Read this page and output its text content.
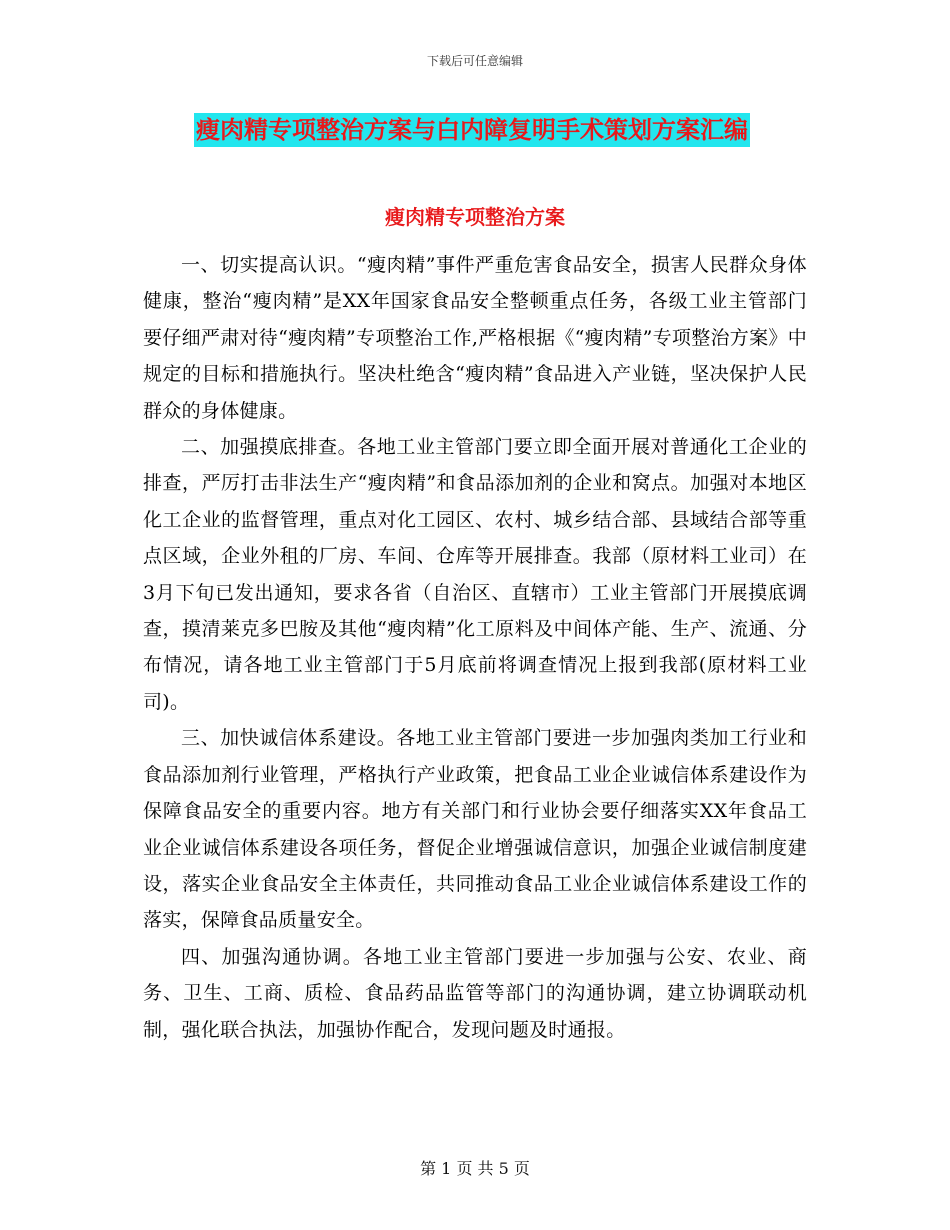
下载后可任意编辑
瘦肉精专项整治方案与白内障复明手术策划方案汇编
瘦肉精专项整治方案

一、切实提高认识。“瘦肉精”事件严重危害食品安全，损害人民群众身体健康，整治“瘦肉精”是XX年国家食品安全整顿重点任务，各级工业主管部门要仔细严肃对待“瘦肉精”专项整治工作,严格根据《“瘦肉精”专项整治方案》中规定的目标和措施执行。坚决杜绝含“瘦肉精”食品进入产业链，坚决保护人民群众的身体健康。

二、加强摸底排查。各地工业主管部门要立即全面开展对普通化工企业的排查，严厉打击非法生产“瘦肉精”和食品添加剂的企业和窝点。加强对本地区化工企业的监督管理，重点对化工园区、农村、城乡结合部、县域结合部等重点区域，企业外租的厂房、车间、仓库等开展排查。我部（原材料工业司）在3月下旬已发出通知，要求各省（自治区、直辖市）工业主管部门开展摸底调查，摸清莱克多巴胺及其他“瘦肉精”化工原料及中间体产能、生产、流通、分布情况，请各地工业主管部门于5月底前将调查情况上报到我部(原材料工业司)。

三、加快诚信体系建设。各地工业主管部门要进一步加强肉类加工行业和食品添加剂行业管理，严格执行产业政策，把食品工业企业诚信体系建设作为保障食品安全的重要内容。地方有关部门和行业协会要仔细落实XX年食品工业企业诚信体系建设各项任务，督促企业增强诚信意识，加强企业诚信制度建设，落实企业食品安全主体责任，共同推动食品工业企业诚信体系建设工作的落实，保障食品质量安全。

四、加强沟通协调。各地工业主管部门要进一步加强与公安、农业、商务、卫生、工商、质检、食品药品监管等部门的沟通协调，建立协调联动机制，强化联合执法，加强协作配合，发现问题及时通报。

第 1 页 共 5 页
